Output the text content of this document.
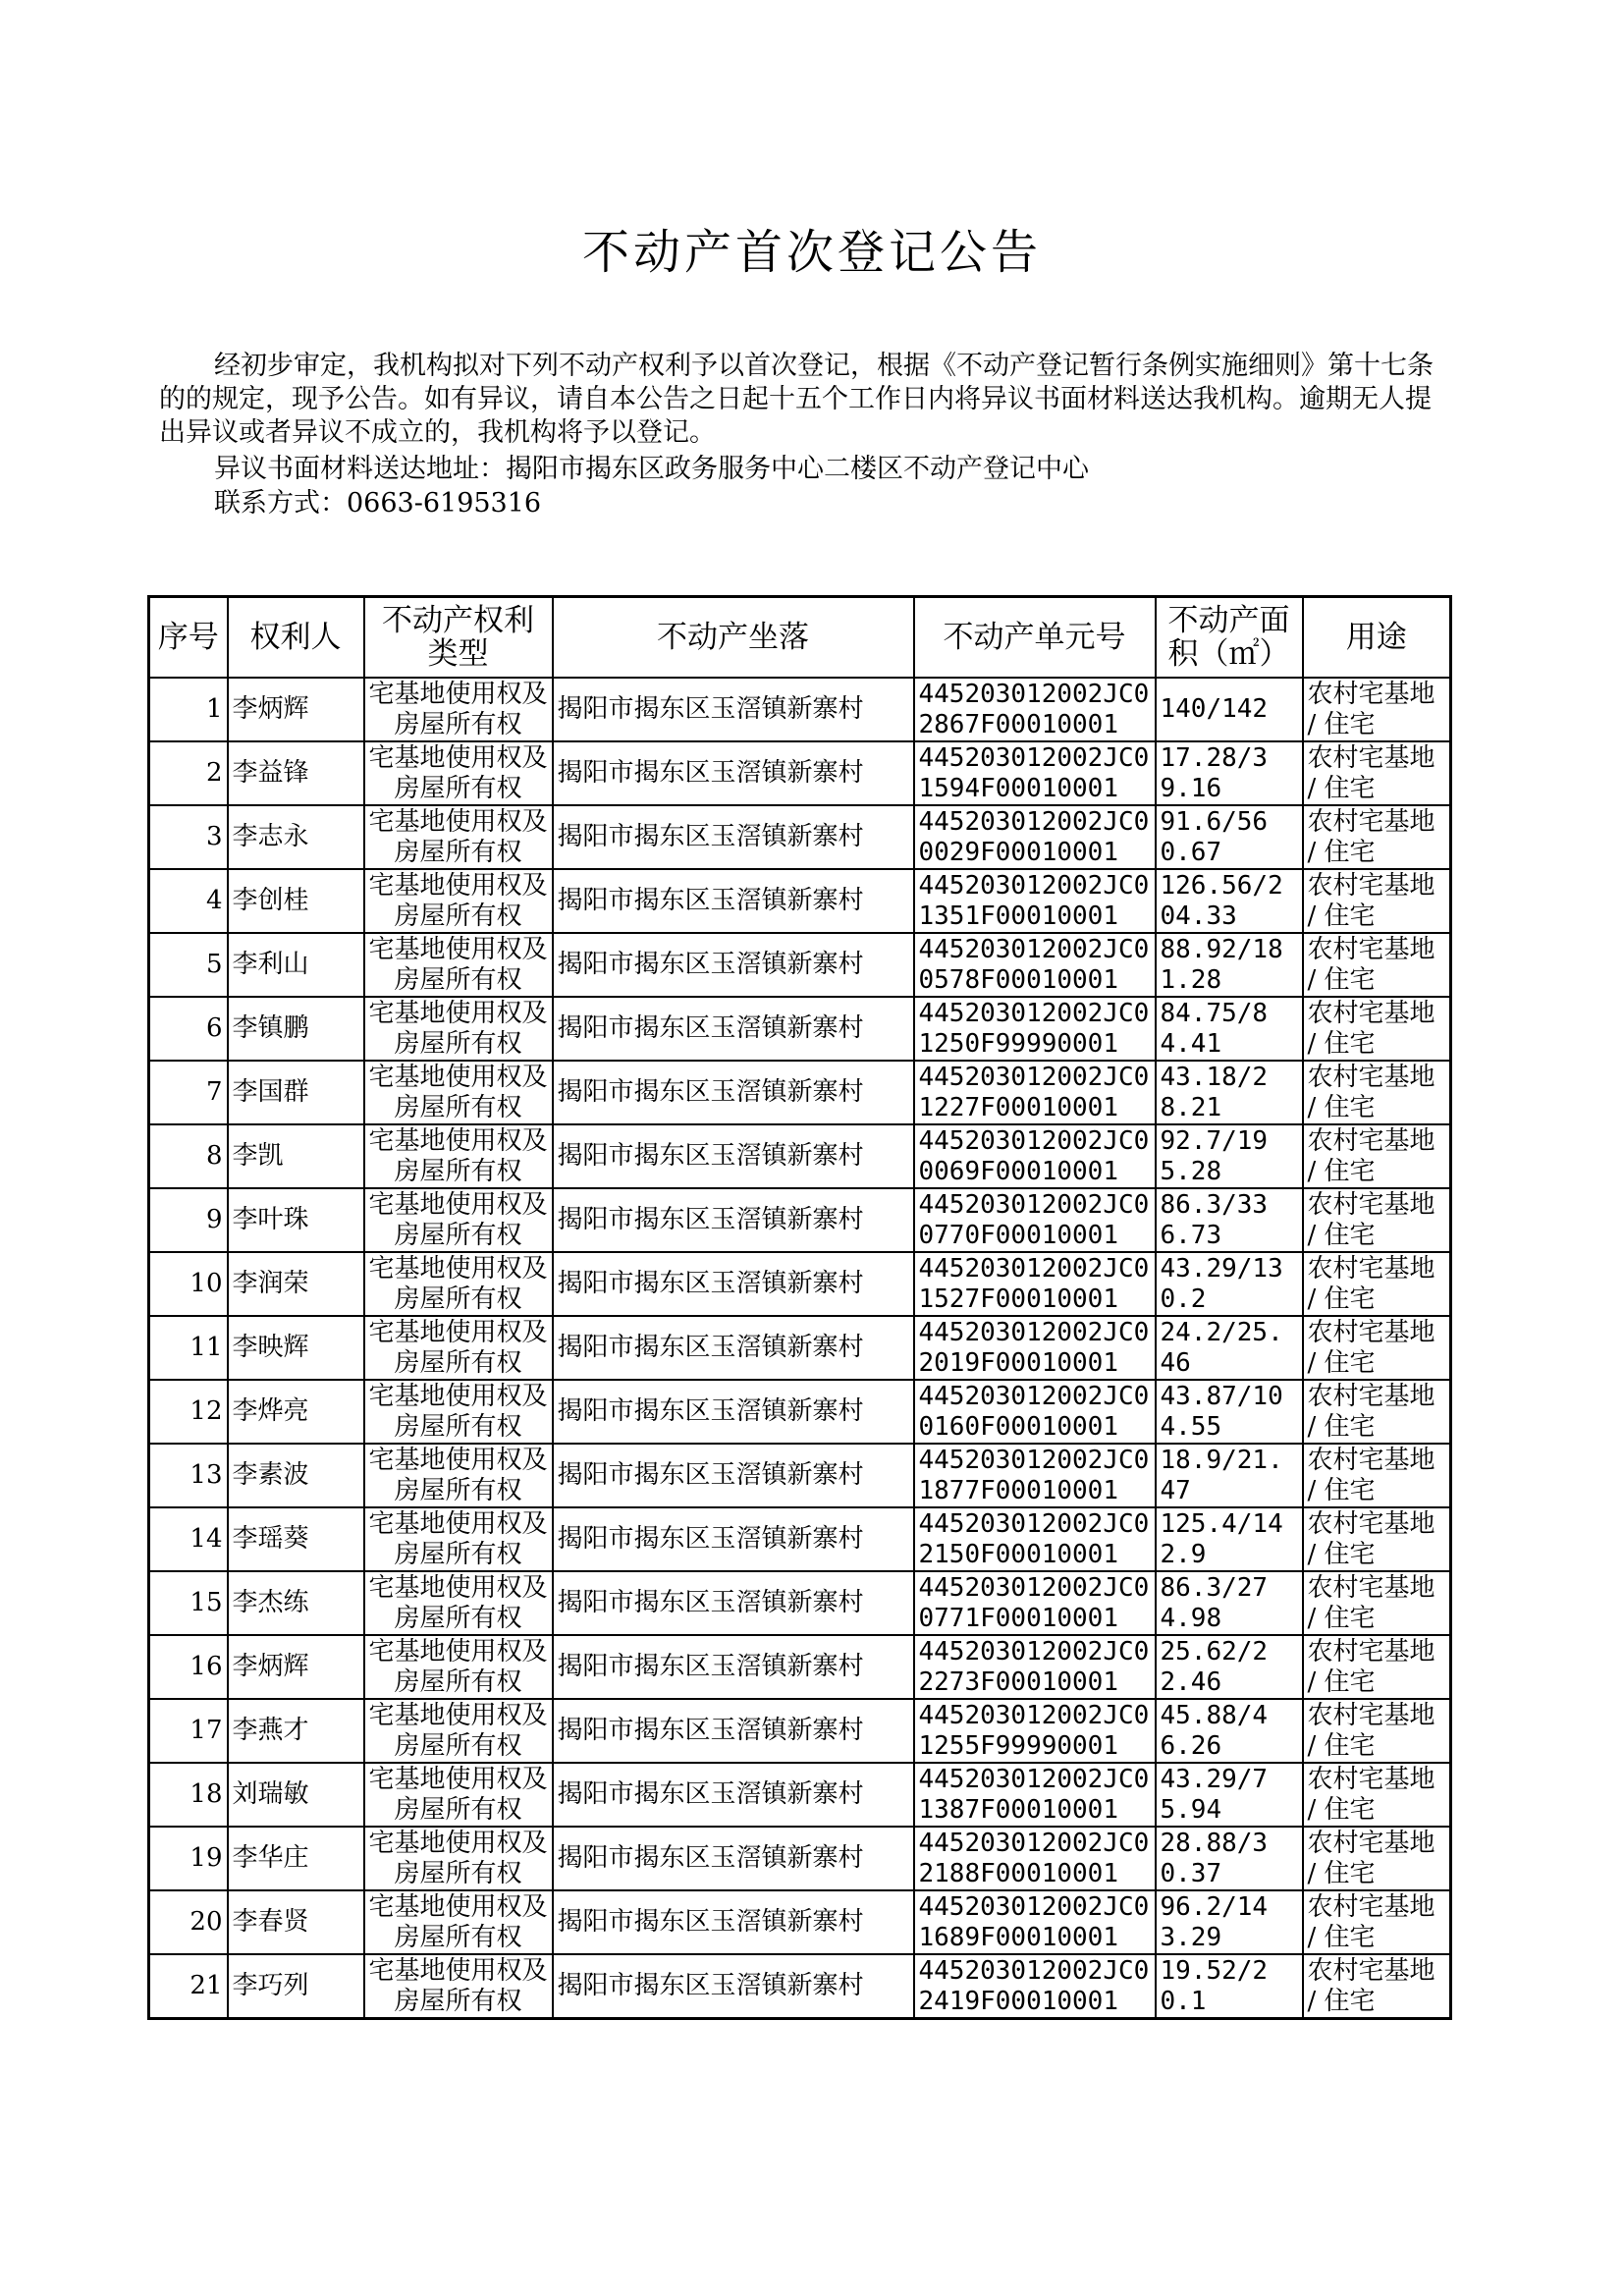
不动产首次登记公告
经初步审定，我机构拟对下列不动产权利予以首次登记，根据《不动产登记暂行条例实施细则》第十七条的的规定，现予公告。如有异议，请自本公告之日起十五个工作日内将异议书面材料送达我机构。逾期无人提出异议或者异议不成立的，我机构将予以登记。
异议书面材料送达地址：揭阳市揭东区政务服务中心二楼区不动产登记中心
联系方式：0663-6195316
序号	权利人	不动产权利类型	不动产坐落	不动产单元号	不动产面积（㎡）	用途
1	李炳辉	宅基地使用权及房屋所有权	揭阳市揭东区玉滘镇新寨村	445203012002JC02867F00010001	140/142	农村宅基地 / 住宅
2	李益锋	宅基地使用权及房屋所有权	揭阳市揭东区玉滘镇新寨村	445203012002JC01594F00010001	17.28/39.16	农村宅基地 / 住宅
3	李志永	宅基地使用权及房屋所有权	揭阳市揭东区玉滘镇新寨村	445203012002JC00029F00010001	91.6/560.67	农村宅基地 / 住宅
4	李创桂	宅基地使用权及房屋所有权	揭阳市揭东区玉滘镇新寨村	445203012002JC01351F00010001	126.56/204.33	农村宅基地 / 住宅
5	李利山	宅基地使用权及房屋所有权	揭阳市揭东区玉滘镇新寨村	445203012002JC00578F00010001	88.92/181.28	农村宅基地 / 住宅
6	李镇鹏	宅基地使用权及房屋所有权	揭阳市揭东区玉滘镇新寨村	445203012002JC01250F99990001	84.75/84.41	农村宅基地 / 住宅
7	李国群	宅基地使用权及房屋所有权	揭阳市揭东区玉滘镇新寨村	445203012002JC01227F00010001	43.18/28.21	农村宅基地 / 住宅
8	李凯	宅基地使用权及房屋所有权	揭阳市揭东区玉滘镇新寨村	445203012002JC00069F00010001	92.7/195.28	农村宅基地 / 住宅
9	李叶珠	宅基地使用权及房屋所有权	揭阳市揭东区玉滘镇新寨村	445203012002JC00770F00010001	86.3/336.73	农村宅基地 / 住宅
10	李润荣	宅基地使用权及房屋所有权	揭阳市揭东区玉滘镇新寨村	445203012002JC01527F00010001	43.29/130.2	农村宅基地 / 住宅
11	李映辉	宅基地使用权及房屋所有权	揭阳市揭东区玉滘镇新寨村	445203012002JC02019F00010001	24.2/25.46	农村宅基地 / 住宅
12	李烨亮	宅基地使用权及房屋所有权	揭阳市揭东区玉滘镇新寨村	445203012002JC00160F00010001	43.87/104.55	农村宅基地 / 住宅
13	李素波	宅基地使用权及房屋所有权	揭阳市揭东区玉滘镇新寨村	445203012002JC01877F00010001	18.9/21.47	农村宅基地 / 住宅
14	李瑶葵	宅基地使用权及房屋所有权	揭阳市揭东区玉滘镇新寨村	445203012002JC02150F00010001	125.4/142.9	农村宅基地 / 住宅
15	李杰练	宅基地使用权及房屋所有权	揭阳市揭东区玉滘镇新寨村	445203012002JC00771F00010001	86.3/274.98	农村宅基地 / 住宅
16	李炳辉	宅基地使用权及房屋所有权	揭阳市揭东区玉滘镇新寨村	445203012002JC02273F00010001	25.62/22.46	农村宅基地 / 住宅
17	李燕才	宅基地使用权及房屋所有权	揭阳市揭东区玉滘镇新寨村	445203012002JC01255F99990001	45.88/46.26	农村宅基地 / 住宅
18	刘瑞敏	宅基地使用权及房屋所有权	揭阳市揭东区玉滘镇新寨村	445203012002JC01387F00010001	43.29/75.94	农村宅基地 / 住宅
19	李华庄	宅基地使用权及房屋所有权	揭阳市揭东区玉滘镇新寨村	445203012002JC02188F00010001	28.88/30.37	农村宅基地 / 住宅
20	李春贤	宅基地使用权及房屋所有权	揭阳市揭东区玉滘镇新寨村	445203012002JC01689F00010001	96.2/143.29	农村宅基地 / 住宅
21	李巧列	宅基地使用权及房屋所有权	揭阳市揭东区玉滘镇新寨村	445203012002JC02419F00010001	19.52/20.1	农村宅基地 / 住宅
